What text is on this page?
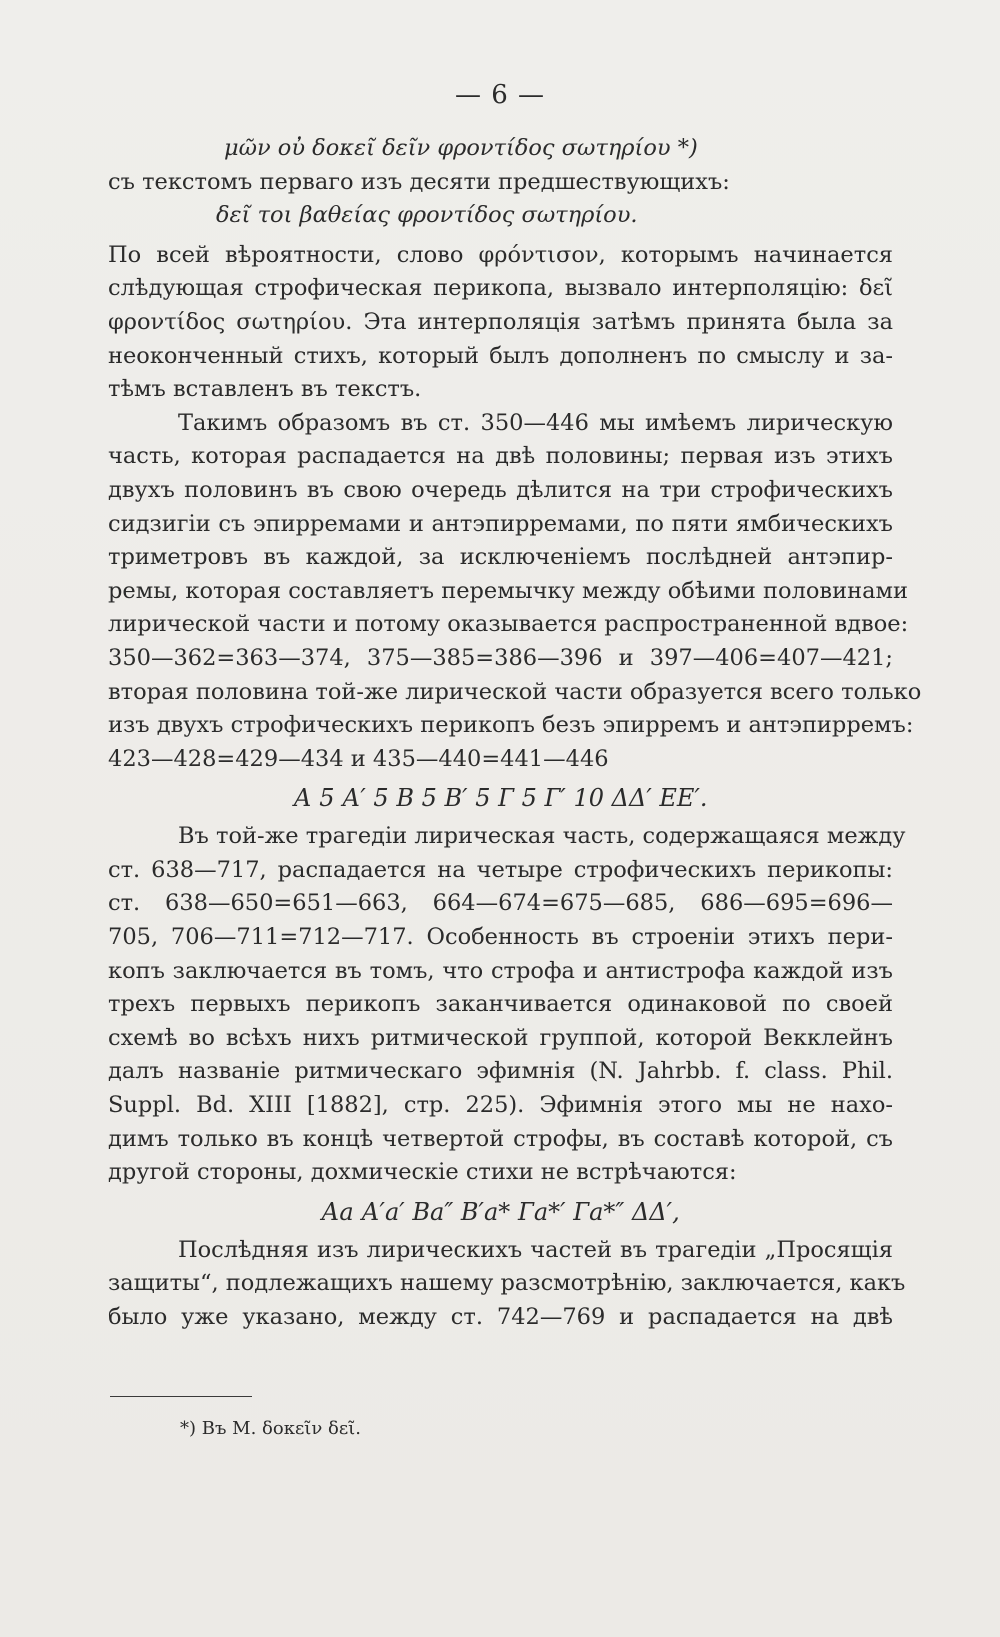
— 6 —
μῶν οὐ δοκεῖ δεῖν φροντίδος σωτηρίου *)
съ текстомъ перваго изъ десяти предшествующихъ:
δεῖ τοι βαθείας φροντίδος σωτηρίου.
По всей вѣроятности, слово φρόντισον, которымъ начинается
слѣдующая строфическая перикопа, вызвало интерполяцію: δεῖ
φροντίδος σωτηρίου. Эта интерполяція затѣмъ принята была за
неоконченный стихъ, который былъ дополненъ по смыслу и за-
тѣмъ вставленъ въ текстъ.
Такимъ образомъ въ ст. 350—446 мы имѣемъ лирическую
часть, которая распадается на двѣ половины; первая изъ этихъ
двухъ половинъ въ свою очередь дѣлится на три строфическихъ
сидзигіи съ эпирремами и антэпирремами, по пяти ямбическихъ
триметровъ въ каждой, за исключеніемъ послѣдней антэпир-
ремы, которая составляетъ перемычку между обѣими половинами
лирической части и потому оказывается распространенной вдвое:
350—362=363—374, 375—385=386—396 и 397—406=407—421;
вторая половина той-же лирической части образуется всего только
изъ двухъ строфическихъ перикопъ безъ эпирремъ и антэпирремъ:
423—428=429—434 и 435—440=441—446
А 5 А′ 5 В 5 В′ 5 Г 5 Г′ 10 ΔΔ′ ЕЕ′.
Въ той-же трагедіи лирическая часть, содержащаяся между
ст. 638—717, распадается на четыре строфическихъ перикопы:
ст. 638—650=651—663, 664—674=675—685, 686—695=696—
705, 706—711=712—717. Особенность въ строеніи этихъ пери-
копъ заключается въ томъ, что строфа и антистрофа каждой изъ
трехъ первыхъ перикопъ заканчивается одинаковой по своей
схемѣ во всѣхъ нихъ ритмической группой, которой Векклейнъ
далъ названіе ритмическаго эфимнія (N. Jahrbb. f. class. Phil.
Suppl. Bd. XIII [1882], стр. 225). Эфимнія этого мы не нахо-
димъ только въ концѣ четвертой строфы, въ составѣ которой, съ
другой стороны, дохмическіе стихи не встрѣчаются:
Аа А′а′ Ва″ В′а* Га*′ Га*″ ΔΔ′,
Послѣдняя изъ лирическихъ частей въ трагедіи „Просящія
защиты“, подлежащихъ нашему разсмотрѣнію, заключается, какъ
было уже указано, между ст. 742—769 и распадается на двѣ
*) Въ М. δοκεῖν δεῖ.
